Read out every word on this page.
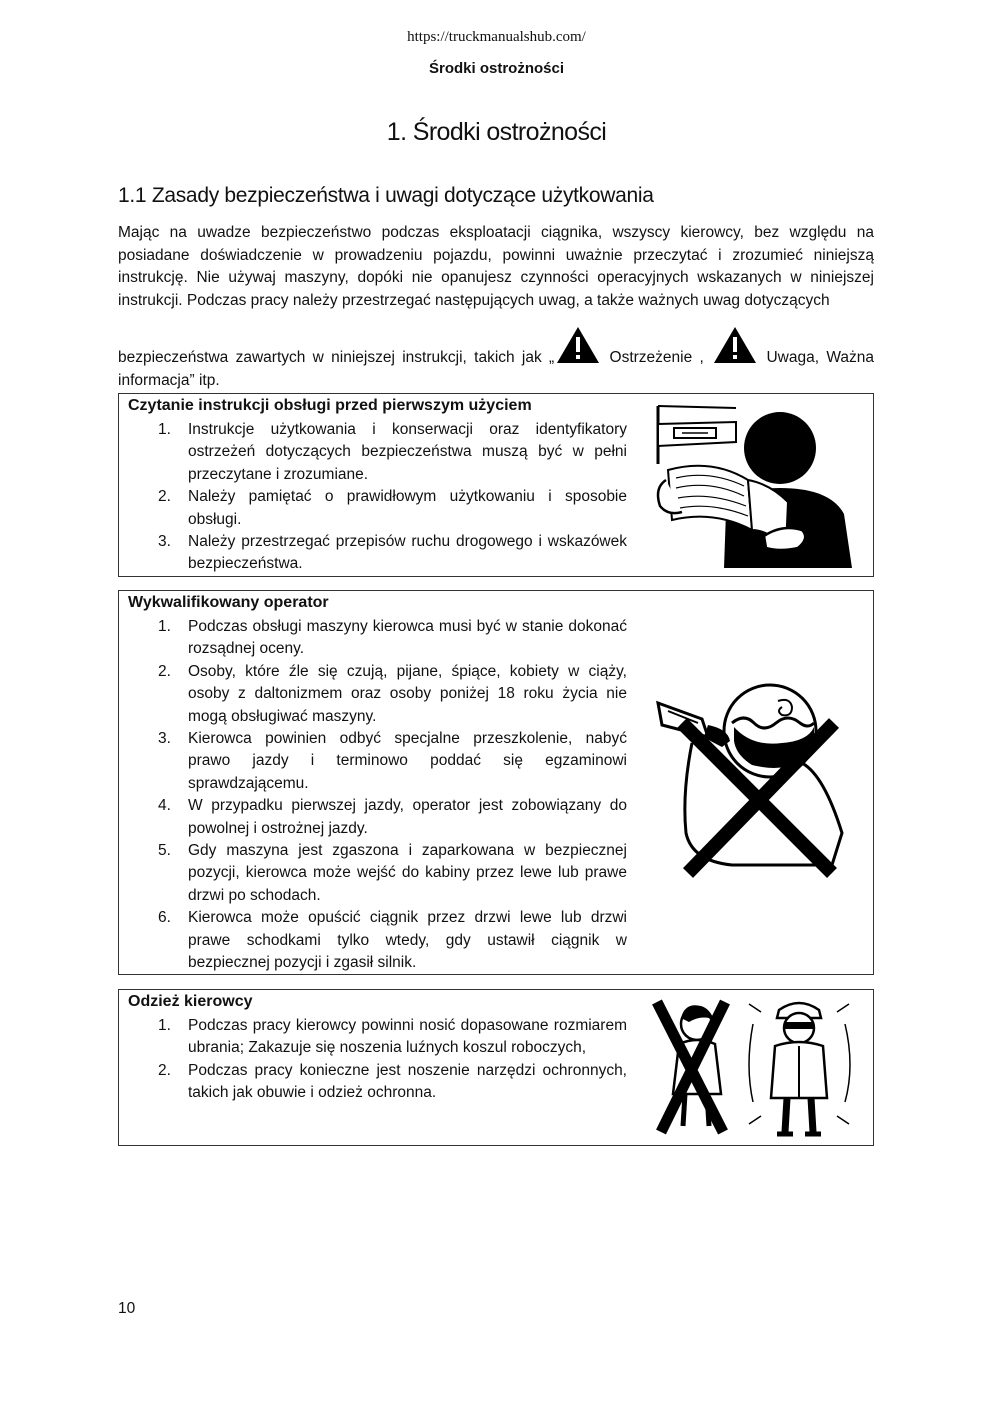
https://truckmanualshub.com/
Środki ostrożności
1. Środki ostrożności
1.1 Zasady bezpieczeństwa i uwagi dotyczące użytkowania

Mając na uwadze bezpieczeństwo podczas eksploatacji ciągnika, wszyscy kierowcy, bez względu na posiadane doświadczenie w prowadzeniu pojazdu, powinni uważnie przeczytać i zrozumieć niniejszą instrukcję. Nie używaj maszyny, dopóki nie opanujesz czynności operacyjnych wskazanych w niniejszej instrukcji. Podczas pracy należy przestrzegać następujących uwag, a także ważnych uwag dotyczących

bezpieczeństwa zawartych w niniejszej instrukcji, takich jak „	Ostrzeżenie ,	Uwaga, Ważna

informacja” itp.

Czytanie instrukcji obsługi przed pierwszym użyciem
1. Instrukcje użytkowania i konserwacji oraz identyfikatory ostrzeżeń dotyczących bezpieczeństwa muszą być w pełni przeczytane i zrozumiane.
2. Należy pamiętać o prawidłowym użytkowaniu i sposobie obsługi.
3. Należy przestrzegać przepisów ruchu drogowego i wskazówek bezpieczeństwa.
Wykwalifikowany operator
1. Podczas obsługi maszyny kierowca musi być w stanie dokonać rozsądnej oceny.
2. Osoby, które źle się czują, pijane, śpiące, kobiety w ciąży, osoby z daltonizmem oraz osoby poniżej 18 roku życia nie mogą obsługiwać maszyny.
3. Kierowca powinien odbyć specjalne przeszkolenie, nabyć prawo jazdy i terminowo poddać się egzaminowi sprawdzającemu.
4. W przypadku pierwszej jazdy, operator jest zobowiązany do powolnej i ostrożnej jazdy.
5. Gdy maszyna jest zgaszona i zaparkowana w bezpiecznej pozycji, kierowca może wejść do kabiny przez lewe lub prawe drzwi po schodach.
6. Kierowca może opuścić ciągnik przez drzwi lewe lub drzwi prawe schodkami tylko wtedy, gdy ustawił ciągnik w bezpiecznej pozycji i zgasił silnik.
Odzież kierowcy
1. Podczas pracy kierowcy powinni nosić dopasowane rozmiarem ubrania; Zakazuje się noszenia luźnych koszul roboczych,
2. Podczas pracy konieczne jest noszenie narzędzi ochronnych, takich jak obuwie i odzież ochronna.
10
